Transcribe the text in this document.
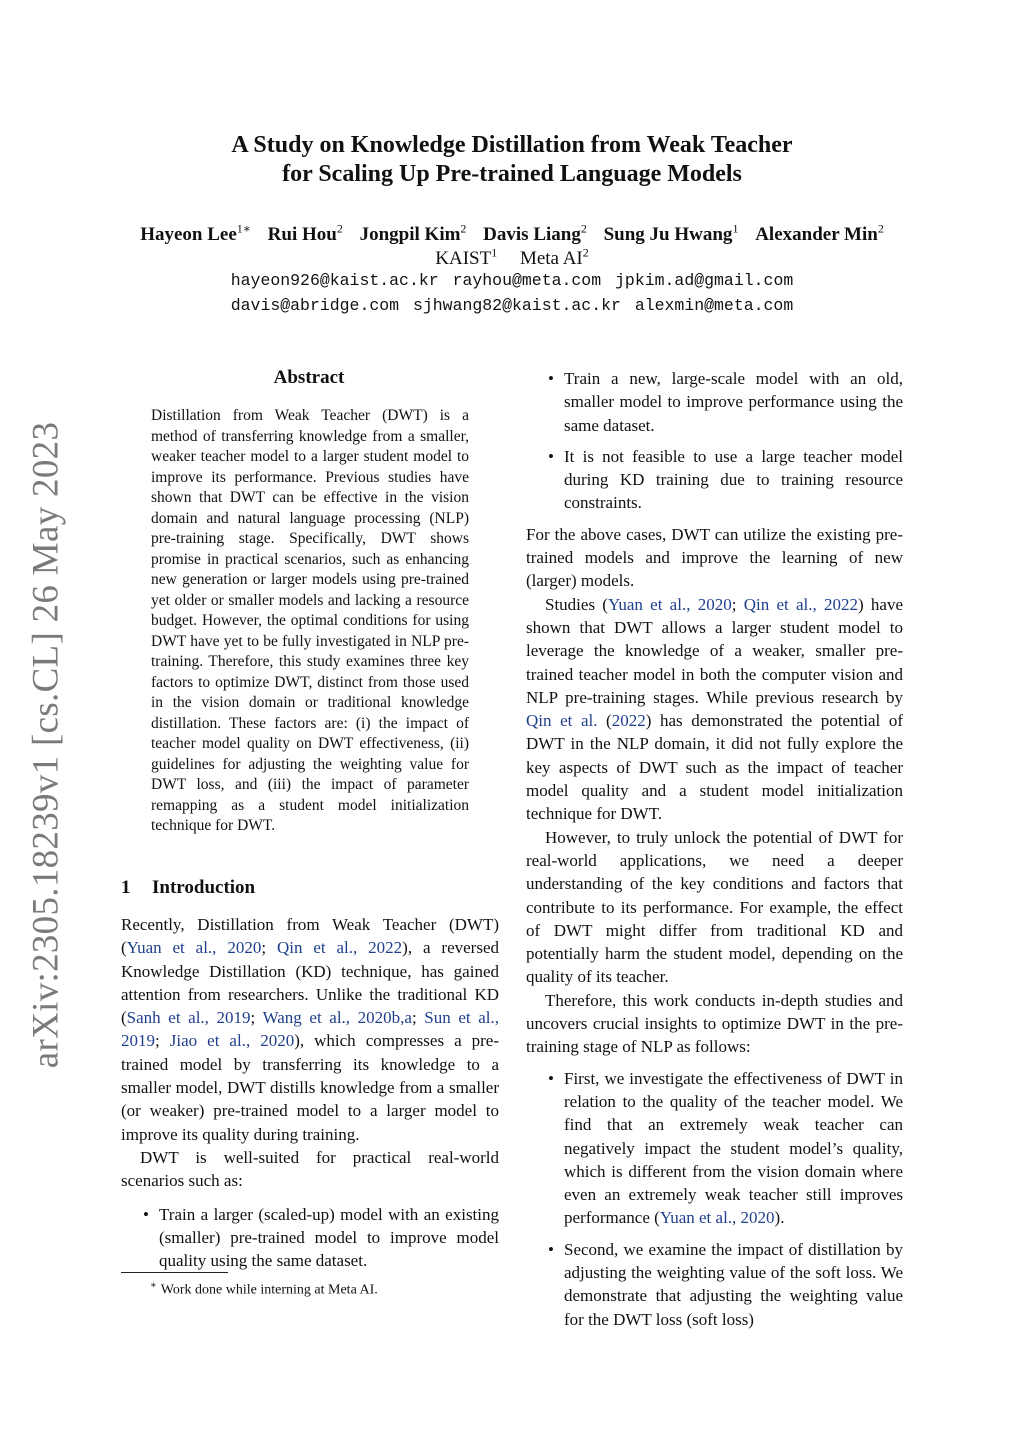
arXiv:2305.18239v1 [cs.CL] 26 May 2023
A Study on Knowledge Distillation from Weak Teacher
for Scaling Up Pre-trained Language Models
Hayeon Lee$^{1∗}$ Rui Hou$^2$ Jongpil Kim$^2$ Davis Liang$^2$ Sung Ju Hwang$^1$ Alexander Min$^2$
KAIST$^1$ Meta $AI^2$
hayeon926@kaist.ac.kr rayhou@meta.com jpkim.ad@gmail.com
davis@abridge.com sjhwang82@kaist.ac.kr alexmin@meta.com
Abstract
Distillation from Weak Teacher (DWT) is a method of transferring knowledge from a smaller, weaker teacher model to a larger student model to improve its performance. Previous studies have shown that DWT can be effective in the vision domain and natural language processing (NLP) pre-training stage. Specifically, DWT shows promise in practical scenarios, such as enhancing new generation or larger models using pre-trained yet older or smaller models and lacking a resource budget. However, the optimal conditions for using DWT have yet to be fully investigated in NLP pre-training. Therefore, this study examines three key factors to optimize DWT, distinct from those used in the vision domain or traditional knowledge distillation. These factors are: (i) the impact of teacher model quality on DWT effectiveness, (ii) guidelines for adjusting the weighting value for DWT loss, and (iii) the impact of parameter remapping as a student model initialization technique for DWT.
1 Introduction

Recently, Distillation from Weak Teacher (DWT) (Yuan et al., 2020; Qin et al., 2022), a reversed Knowledge Distillation (KD) technique, has gained attention from researchers. Unlike the traditional KD (Sanh et al., 2019; Wang et al., 2020b,a; Sun et al., 2019; Jiao et al., 2020), which compresses a pre-trained model by transferring its knowledge to a smaller model, DWT distills knowledge from a smaller (or weaker) pre-trained model to a larger model to improve its quality during training.

DWT is well-suited for practical real-world scenarios such as:

• Train a larger (scaled-up) model with an existing (smaller) pre-trained model to improve model quality using the same dataset.
∗ Work done while interning at Meta AI.
• Train a new, large-scale model with an old, smaller model to improve performance using the same dataset.
• It is not feasible to use a large teacher model during KD training due to training resource constraints.

For the above cases, DWT can utilize the existing pre-trained models and improve the learning of new (larger) models.

Studies (Yuan et al., 2020; Qin et al., 2022) have shown that DWT allows a larger student model to leverage the knowledge of a weaker, smaller pre-trained teacher model in both the computer vision and NLP pre-training stages. While previous research by Qin et al. (2022) has demonstrated the potential of DWT in the NLP domain, it did not fully explore the key aspects of DWT such as the impact of teacher model quality and a student model initialization technique for DWT.

However, to truly unlock the potential of DWT for real-world applications, we need a deeper understanding of the key conditions and factors that contribute to its performance. For example, the effect of DWT might differ from traditional KD and potentially harm the student model, depending on the quality of its teacher.

Therefore, this work conducts in-depth studies and uncovers crucial insights to optimize DWT in the pre-training stage of NLP as follows:

• First, we investigate the effectiveness of DWT in relation to the quality of the teacher model. We find that an extremely weak teacher can negatively impact the student model’s quality, which is different from the vision domain where even an extremely weak teacher still improves performance (Yuan et al., 2020).
• Second, we examine the impact of distillation by adjusting the weighting value of the soft loss. We demonstrate that adjusting the weighting value for the DWT loss (soft loss)
